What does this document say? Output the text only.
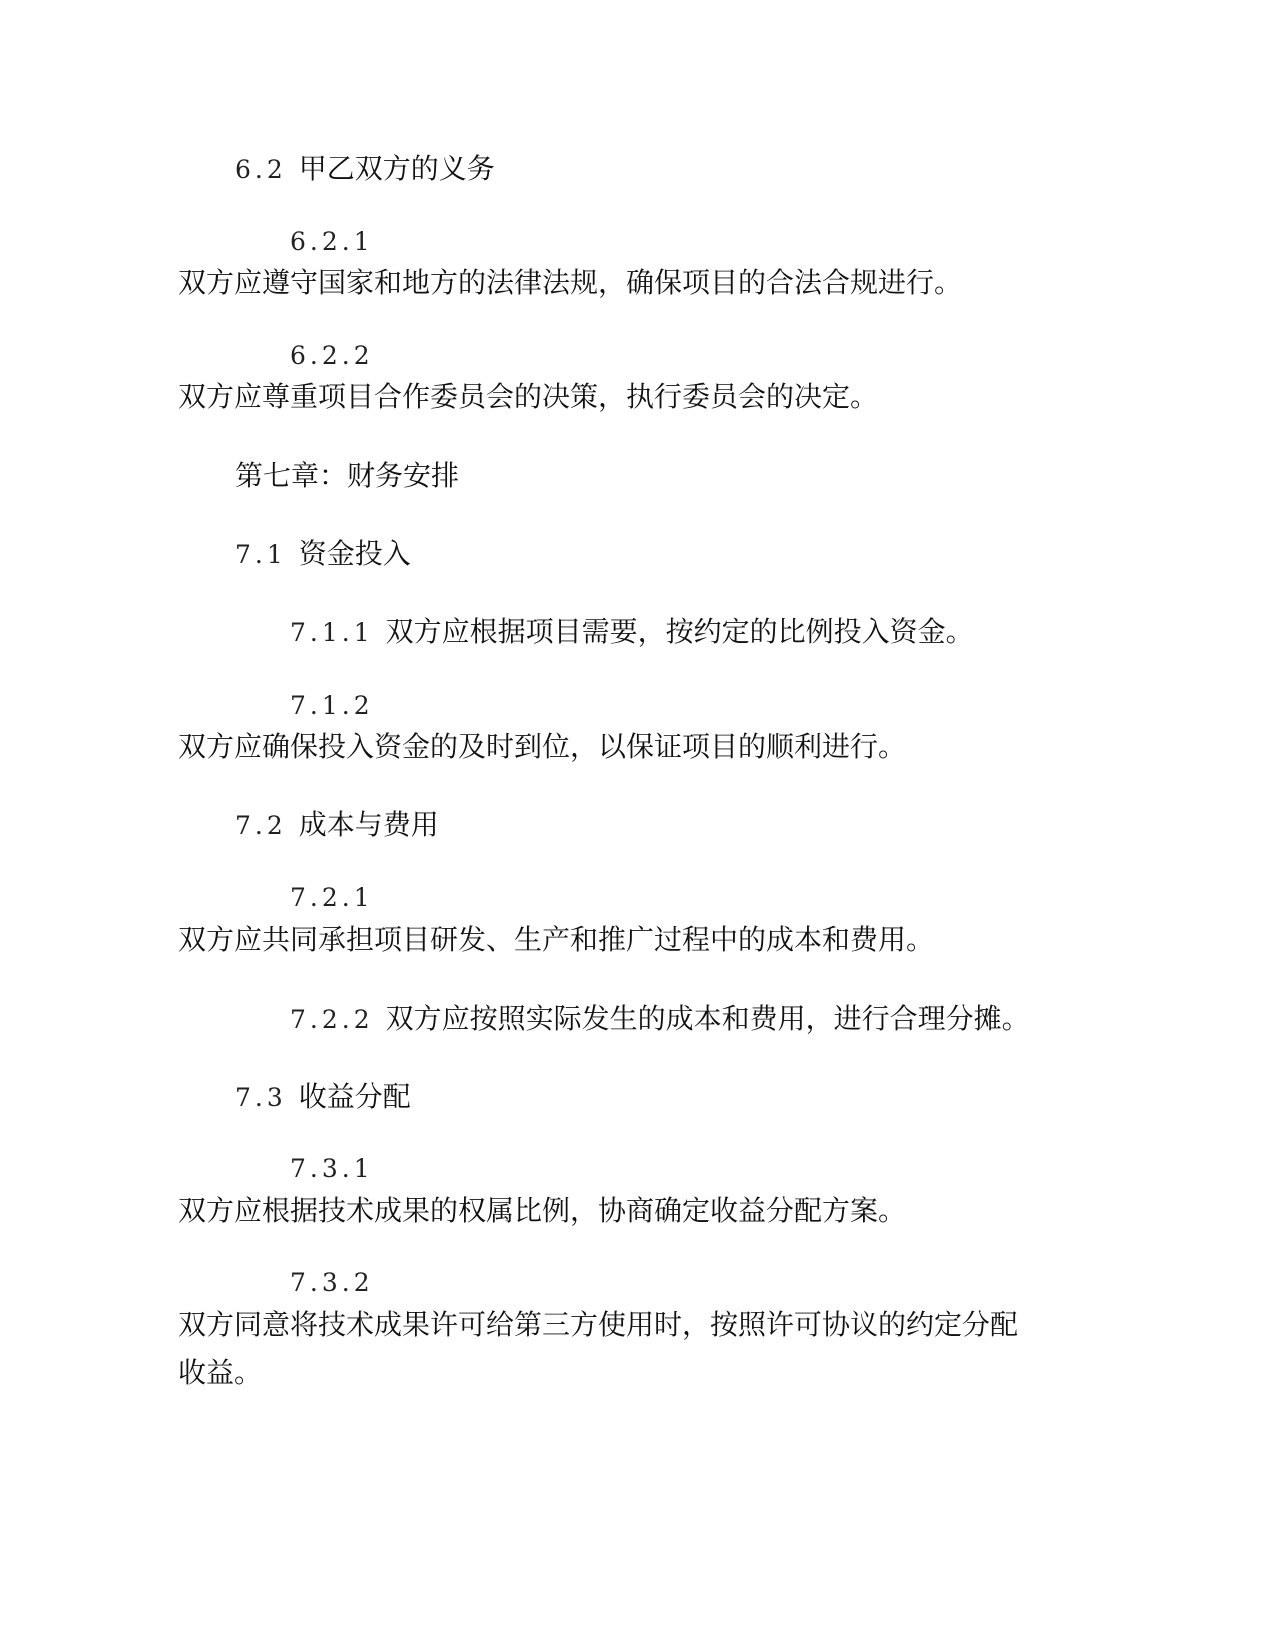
6.2 甲乙双方的义务
6.2.1
双方应遵守国家和地方的法律法规，确保项目的合法合规进行。
6.2.2
双方应尊重项目合作委员会的决策，执行委员会的决定。
第七章：财务安排
7.1 资金投入
7.1.1 双方应根据项目需要，按约定的比例投入资金。
7.1.2
双方应确保投入资金的及时到位，以保证项目的顺利进行。
7.2 成本与费用
7.2.1
双方应共同承担项目研发、生产和推广过程中的成本和费用。
7.2.2 双方应按照实际发生的成本和费用，进行合理分摊。
7.3 收益分配
7.3.1
双方应根据技术成果的权属比例，协商确定收益分配方案。
7.3.2
双方同意将技术成果许可给第三方使用时，按照许可协议的约定分配
收益。
